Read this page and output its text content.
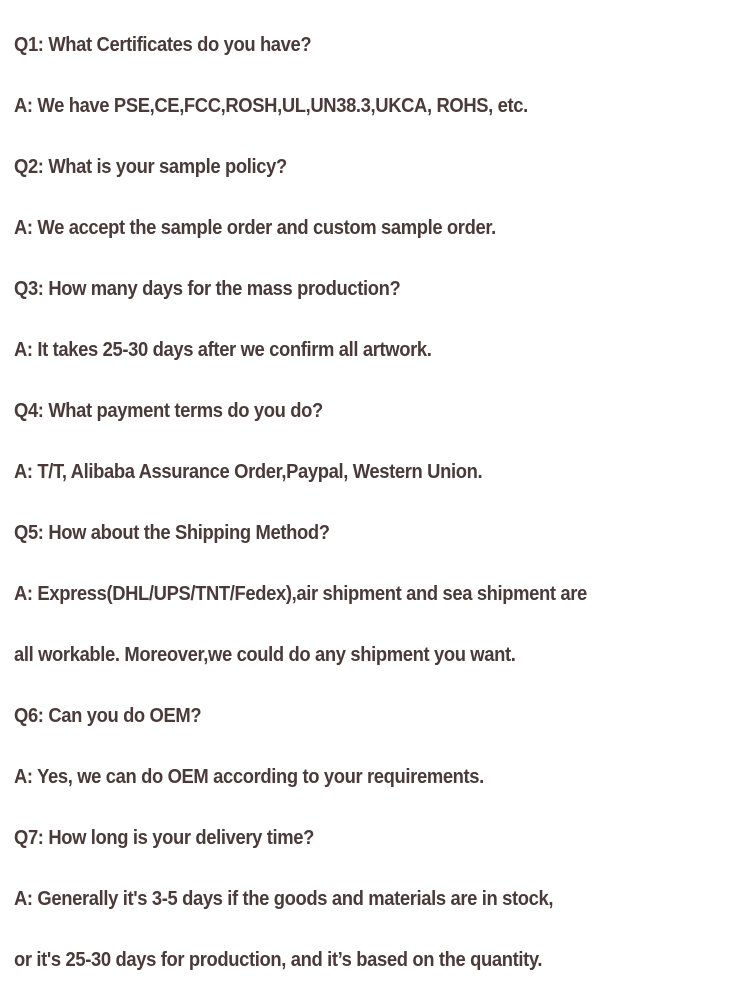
Q1: What Certificates do you have?
A: We have PSE,CE,FCC,ROSH,UL,UN38.3,UKCA, ROHS, etc.
Q2: What is your sample policy?
A: We accept the sample order and custom sample order.
Q3: How many days for the mass production?
A: It takes 25-30 days after we confirm all artwork.
Q4: What payment terms do you do?
A: T/T, Alibaba Assurance Order,Paypal, Western Union.
Q5: How about the Shipping Method?
A: Express(DHL/UPS/TNT/Fedex),air shipment and sea shipment are
all workable. Moreover,we could do any shipment you want.
Q6: Can you do OEM?
A: Yes, we can do OEM according to your requirements.
Q7: How long is your delivery time?
A: Generally it's 3-5 days if the goods and materials are in stock,
or it's 25-30 days for production, and it’s based on the quantity.
